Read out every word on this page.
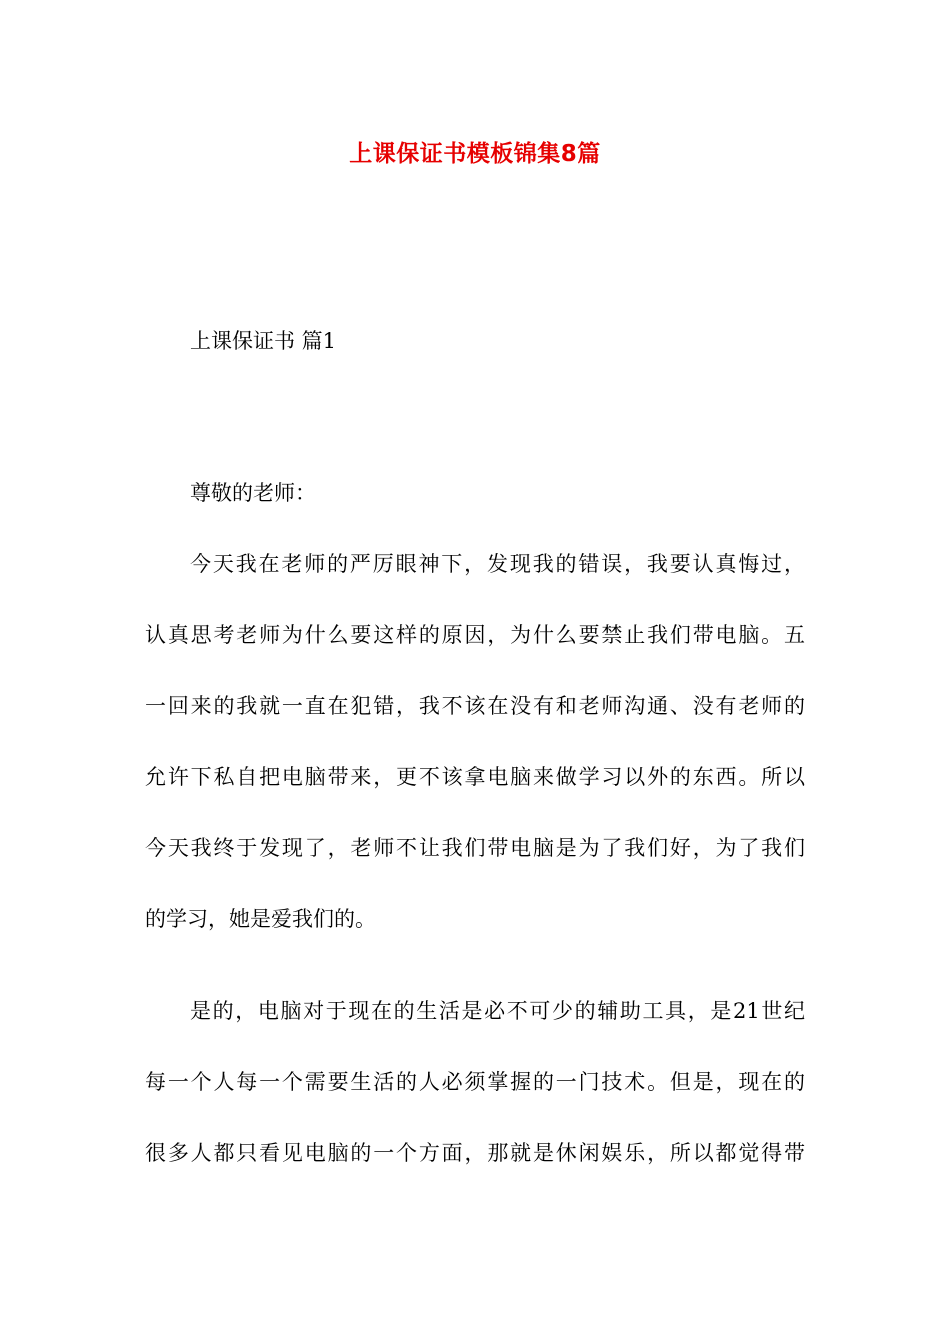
上课保证书模板锦集8篇
上课保证书 篇1
尊敬的老师：
今天我在老师的严厉眼神下，发现我的错误，我要认真悔过，
认真思考老师为什么要这样的原因，为什么要禁止我们带电脑。五
一回来的我就一直在犯错，我不该在没有和老师沟通、没有老师的
允许下私自把电脑带来，更不该拿电脑来做学习以外的东西。所以
今天我终于发现了，老师不让我们带电脑是为了我们好，为了我们
的学习，她是爱我们的。
是的，电脑对于现在的生活是必不可少的辅助工具，是21世纪
每一个人每一个需要生活的人必须掌握的一门技术。但是，现在的
很多人都只看见电脑的一个方面，那就是休闲娱乐，所以都觉得带
